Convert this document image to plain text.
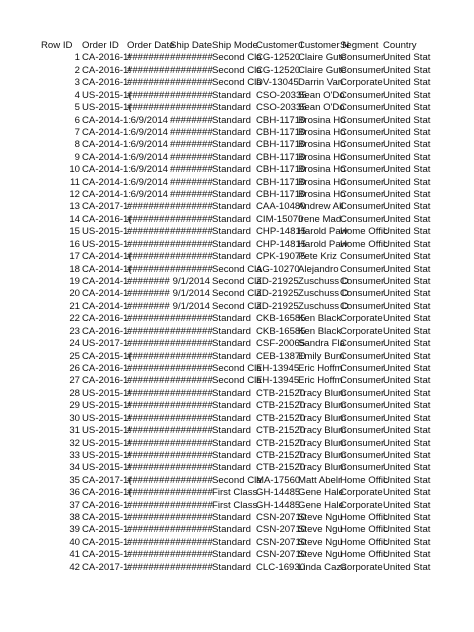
Row ID Order ID Order Date
Ship Date Ship Mode
Customer I
Customer N
Segment Country
1 CA-2016-1!
######## ######## Second Cla
CG-12520
Claire Gute
Consumer
United Stat
2 CA-2016-1!
######## ######## Second Cla
CG-12520
Claire Gute
Consumer
United Stat
3 CA-2016-1:
######## ######## Second Cla
DV-13045 Darrin Van
Corporate United Stat
4 US-2015-1(
######## ######## Standard CSO-20335
Sean O'Do
Consumer
United Stat
5 US-2015-1(
######## ######## Standard CSO-20335
Sean O'Do
Consumer
United Stat
6 CA-2014-1: 6/9/2014 ######## Standard CBH-11710
Brosina Ho
Consumer
United Stat
7 CA-2014-1: 6/9/2014 ######## Standard CBH-11710
Brosina Ho
Consumer
United Stat
8 CA-2014-1: 6/9/2014 ######## Standard CBH-11710
Brosina Ho
Consumer
United Stat
9 CA-2014-1: 6/9/2014 ######## Standard CBH-11710
Brosina Ho
Consumer
United Stat
10 CA-2014-1: 6/9/2014 ######## Standard CBH-11710
Brosina Ho
Consumer
United Stat
11 CA-2014-1: 6/9/2014 ######## Standard CBH-11710
Brosina Ho
Consumer
United Stat
12 CA-2014-1: 6/9/2014 ######## Standard CBH-11710
Brosina Ho
Consumer
United Stat
13 CA-2017-1:
######## ######## Standard CAA-10480
Andrew All
Consumer
United Stat
14 CA-2016-1(
######## ######## Standard CIM-15070
Irene Mad
Consumer
United Stat
15 US-2015-1:
######## ######## Standard CHP-14815
Harold Paw
Home Offic
United Stat
16 US-2015-1:
######## ######## Standard CHP-14815
Harold Paw
Home Offic
United Stat
17 CA-2014-1(
######## ######## Standard CPK-19075
Pete Kriz Consumer
United Stat
18 CA-2014-1(
######## ######## Second Cla
AG-10270
Alejandro Consumer
United Stat
19 CA-2014-1:
######## 9/1/2014 Second Cla
ZD-21925 Zuschuss D
Consumer
United Stat
20 CA-2014-1:
######## 9/1/2014 Second Cla
ZD-21925 Zuschuss D
Consumer
United Stat
21 CA-2014-1:
######## 9/1/2014 Second Cla
ZD-21925 Zuschuss D
Consumer
United Stat
22 CA-2016-1:
######## ######## Standard CKB-16585
Ken Black
Corporate United Stat
23 CA-2016-1:
######## ######## Standard CKB-16585
Ken Black
Corporate United Stat
24 US-2017-1:
######## ######## Standard CSF-20065
Sandra Fla
Consumer
United Stat
25 CA-2015-1(
######## ######## Standard CEB-13870
Emily Burn
Consumer
United Stat
26 CA-2016-1:
######## ######## Second Cla
EH-13945
Eric Hoffm
Consumer
United Stat
27 CA-2016-1:
######## ######## Second Cla
EH-13945
Eric Hoffm
Consumer
United Stat
28 US-2015-1!
######## ######## Standard CTB-21520
Tracy Blum
Consumer
United Stat
29 US-2015-1!
######## ######## Standard CTB-21520
Tracy Blum
Consumer
United Stat
30 US-2015-1!
######## ######## Standard CTB-21520
Tracy Blum
Consumer
United Stat
31 US-2015-1!
######## ######## Standard CTB-21520
Tracy Blum
Consumer
United Stat
32 US-2015-1!
######## ######## Standard CTB-21520
Tracy Blum
Consumer
United Stat
33 US-2015-1!
######## ######## Standard CTB-21520
Tracy Blum
Consumer
United Stat
34 US-2015-1!
######## ######## Standard CTB-21520
Tracy Blum
Consumer
United Stat
35 CA-2017-1(
######## ######## Second Cla
MA-17560
Matt Abelr
Home Offic
United Stat
36 CA-2016-1(
######## ######## First Class
GH-14485
Gene Hale
Corporate United Stat
37 CA-2016-1:
######## ######## First Class
GH-14485
Gene Hale
Corporate United Stat
38 CA-2015-1:
######## ######## Standard CSN-20710
Steve Ngu
Home Offic
United Stat
39 CA-2015-1:
######## ######## Standard CSN-20710
Steve Ngu
Home Offic
United Stat
40 CA-2015-1:
######## ######## Standard CSN-20710
Steve Ngu
Home Offic
United Stat
41 CA-2015-1:
######## ######## Standard CSN-20710
Steve Ngu
Home Offic
United Stat
42 CA-2017-1:
######## ######## Standard CLC-16930
Linda Caza
Corporate United Stat
